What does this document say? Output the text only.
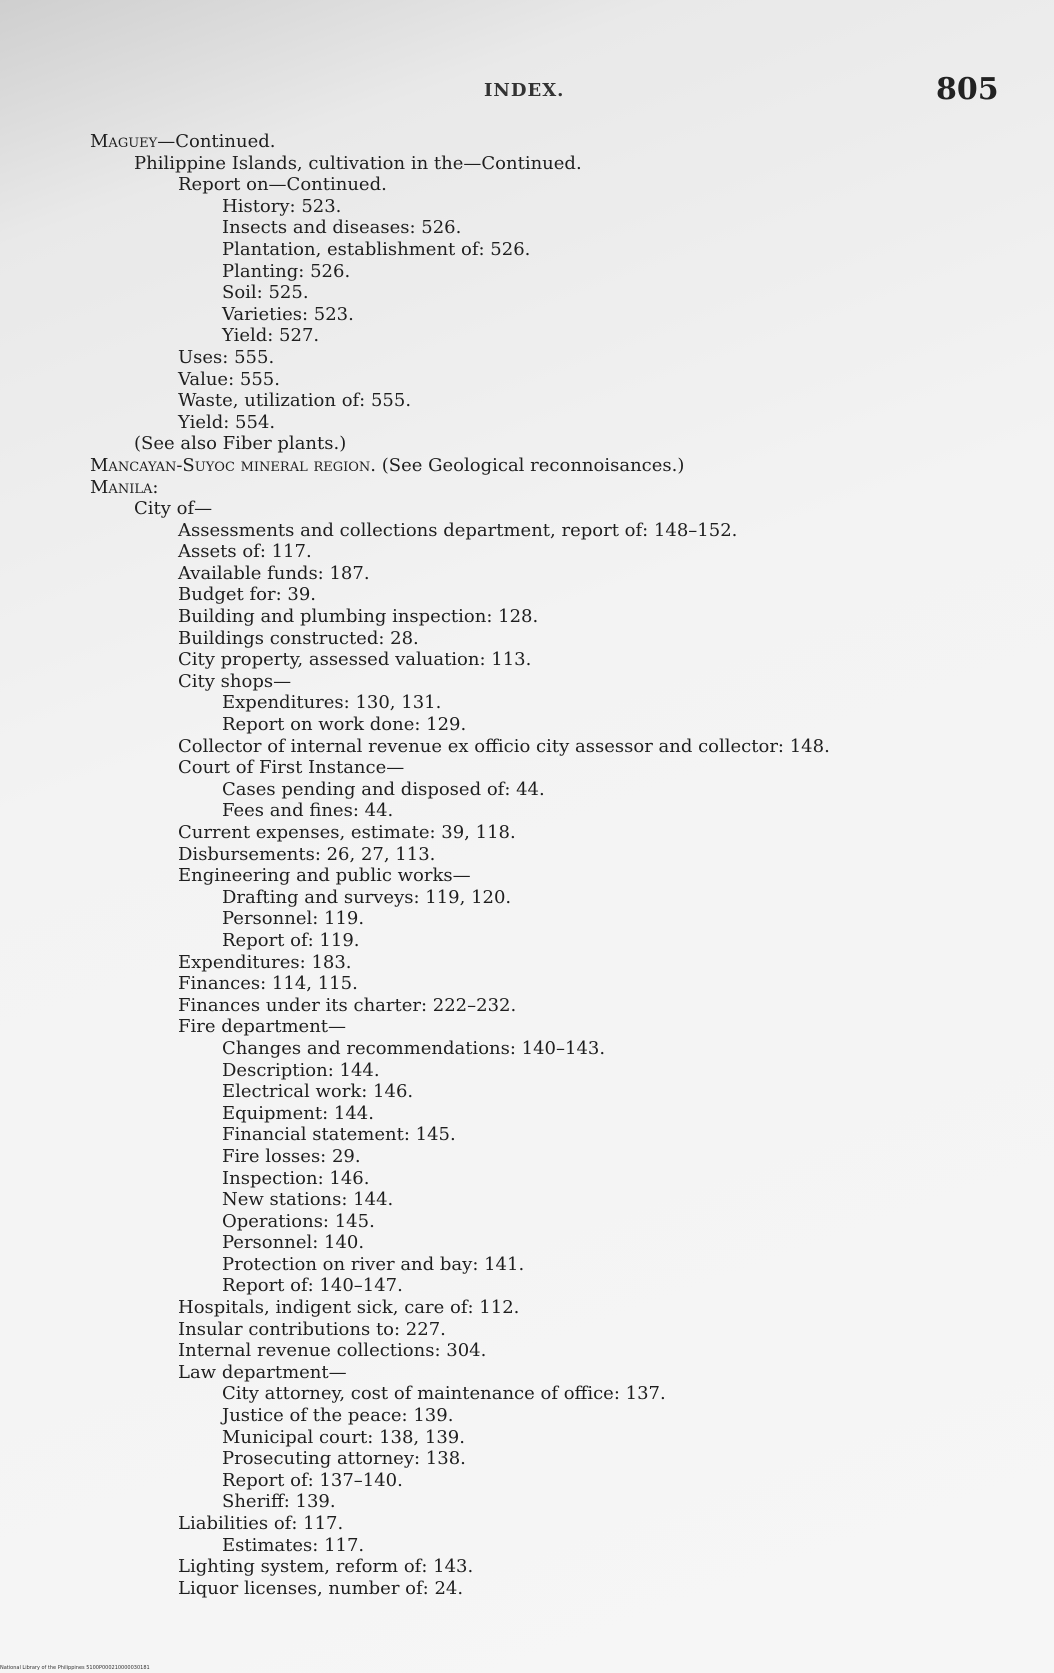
INDEX.	805
Maguey—Continued.
Philippine Islands, cultivation in the—Continued.
Report on—Continued.
History: 523.
Insects and diseases: 526.
Plantation, establishment of: 526.
Planting: 526.
Soil: 525.
Varieties: 523.
Yield: 527.
Uses: 555.
Value: 555.
Waste, utilization of: 555.
Yield: 554.
(See also Fiber plants.)
Mancayan-Suyoc mineral region. (See Geological reconnoisances.)
Manila:
City of—
Assessments and collections department, report of: 148–152.
Assets of: 117.
Available funds: 187.
Budget for: 39.
Building and plumbing inspection: 128.
Buildings constructed: 28.
City property, assessed valuation: 113.
City shops—
Expenditures: 130, 131.
Report on work done: 129.
Collector of internal revenue ex officio city assessor and collector: 148.
Court of First Instance—
Cases pending and disposed of: 44.
Fees and fines: 44.
Current expenses, estimate: 39, 118.
Disbursements: 26, 27, 113.
Engineering and public works—
Drafting and surveys: 119, 120.
Personnel: 119.
Report of: 119.
Expenditures: 183.
Finances: 114, 115.
Finances under its charter: 222–232.
Fire department—
Changes and recommendations: 140–143.
Description: 144.
Electrical work: 146.
Equipment: 144.
Financial statement: 145.
Fire losses: 29.
Inspection: 146.
New stations: 144.
Operations: 145.
Personnel: 140.
Protection on river and bay: 141.
Report of: 140–147.
Hospitals, indigent sick, care of: 112.
Insular contributions to: 227.
Internal revenue collections: 304.
Law department—
City attorney, cost of maintenance of office: 137.
Justice of the peace: 139.
Municipal court: 138, 139.
Prosecuting attorney: 138.
Report of: 137–140.
Sheriff: 139.
Liabilities of: 117.
Estimates: 117.
Lighting system, reform of: 143.
Liquor licenses, number of: 24.
National Library of the Philippines 5100P000210000030181
